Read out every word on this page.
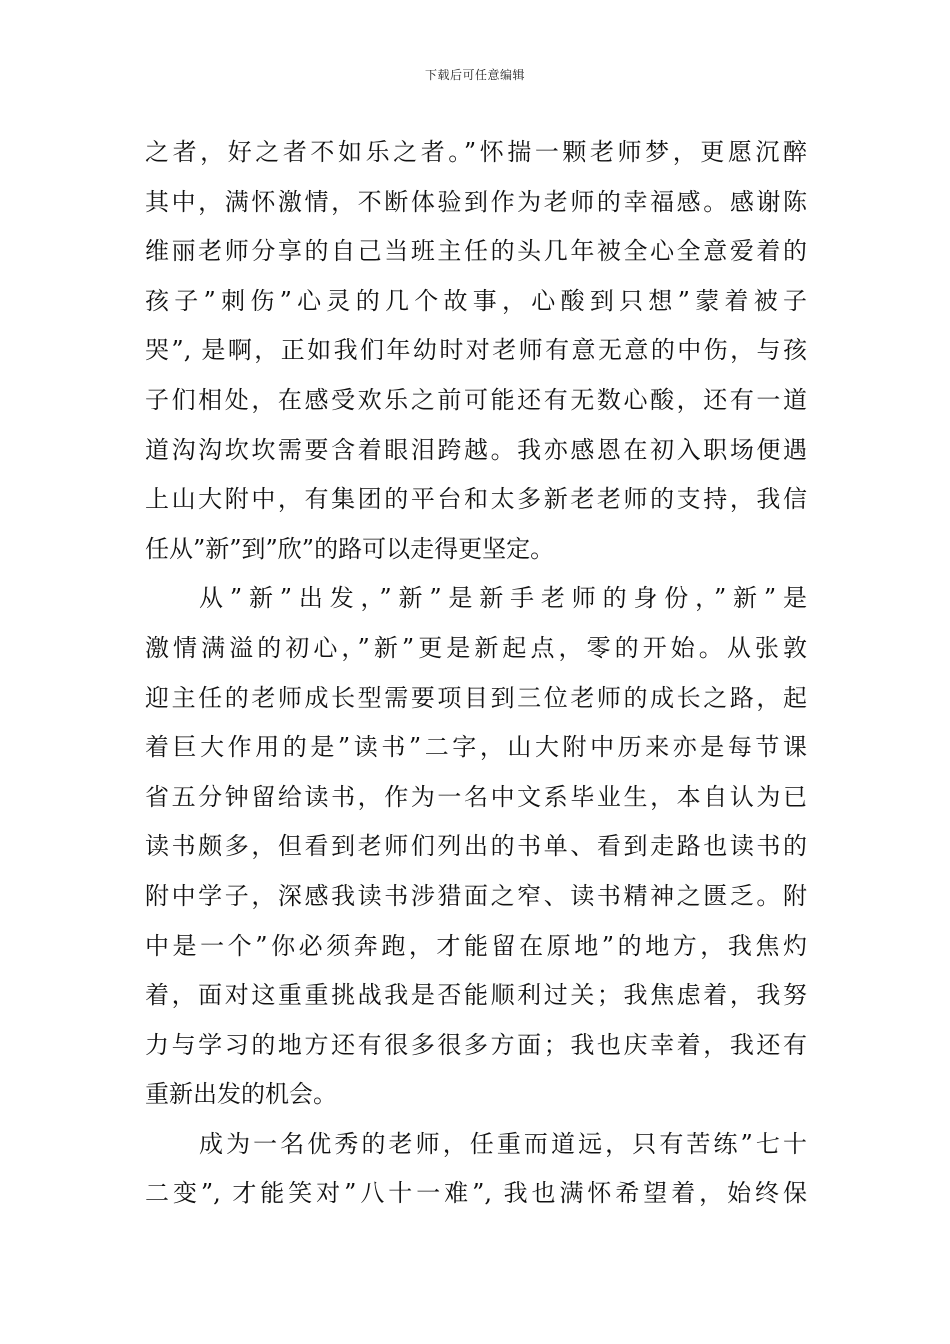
下载后可任意编辑
之者，好之者不如乐之者。”怀揣一颗老师梦，更愿沉醉
其中，满怀激情，不断体验到作为老师的幸福感。感谢陈
维丽老师分享的自己当班主任的头几年被全心全意爱着的
孩子”刺伤”心灵的几个故事，心酸到只想”蒙着被子
哭”, 是啊，正如我们年幼时对老师有意无意的中伤，与孩
子们相处，在感受欢乐之前可能还有无数心酸，还有一道
道沟沟坎坎需要含着眼泪跨越。我亦感恩在初入职场便遇
上山大附中，有集团的平台和太多新老老师的支持，我信
任从”新”到”欣”的路可以走得更坚定。
从”新”出发，”新”是新手老师的身份，”新”是
激情满溢的初心，”新”更是新起点，零的开始。从张敦
迎主任的老师成长型需要项目到三位老师的成长之路，起
着巨大作用的是”读书”二字，山大附中历来亦是每节课
省五分钟留给读书，作为一名中文系毕业生，本自认为已
读书颇多，但看到老师们列出的书单、看到走路也读书的
附中学子，深感我读书涉猎面之窄、读书精神之匮乏。附
中是一个”你必须奔跑，才能留在原地”的地方，我焦灼
着，面对这重重挑战我是否能顺利过关；我焦虑着，我努
力与学习的地方还有很多很多方面；我也庆幸着，我还有
重新出发的机会。
成为一名优秀的老师，任重而道远，只有苦练”七十
二变”, 才能笑对”八十一难”, 我也满怀希望着，始终保
